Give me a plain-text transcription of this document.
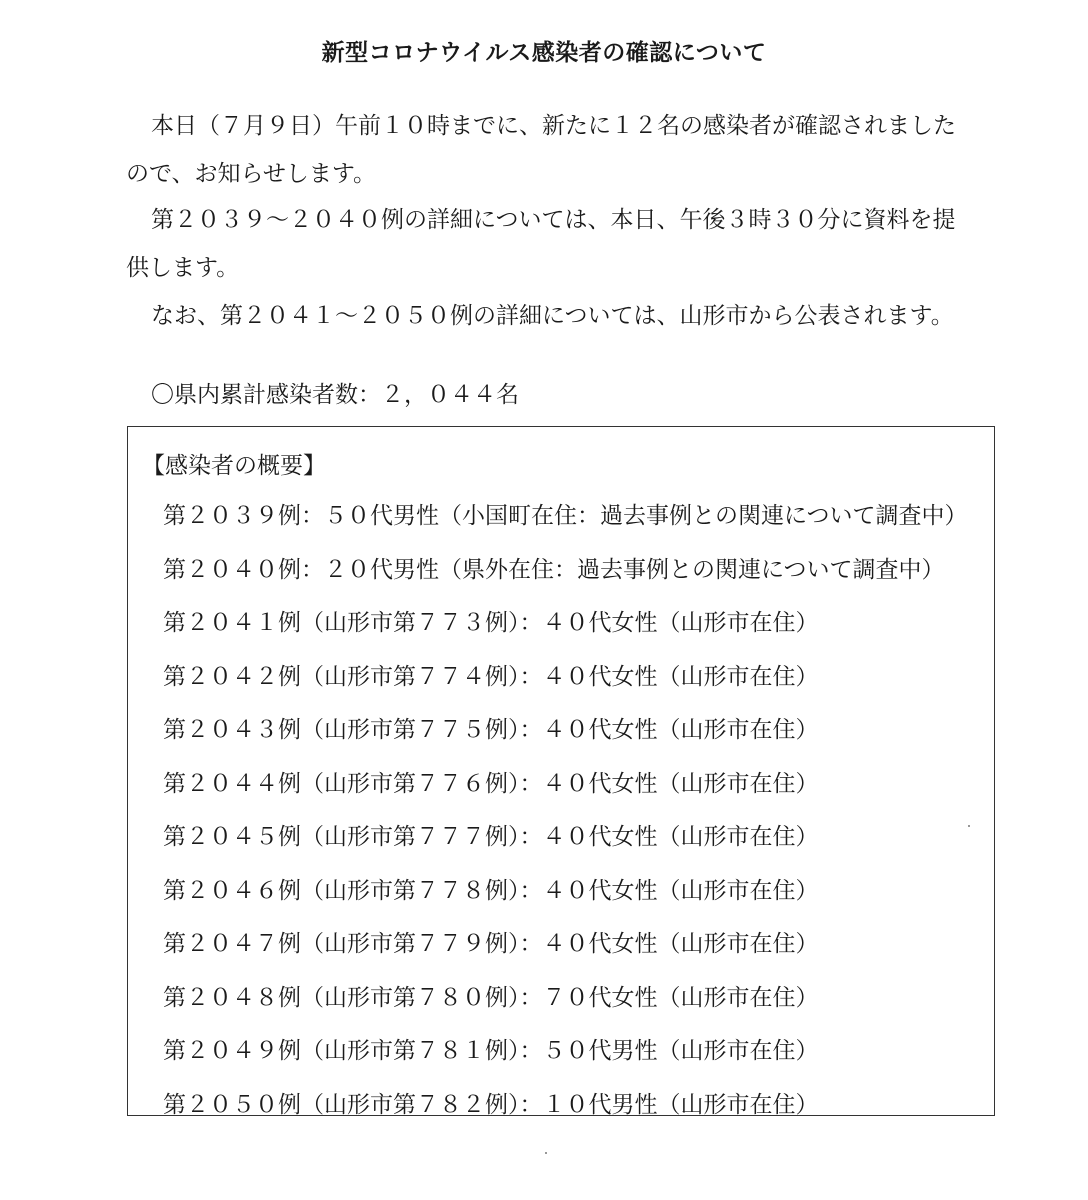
新型コロナウイルス感染者の確認について
本日（７月９日）午前１０時までに、新たに１２名の感染者が確認されました
ので、お知らせします。
第２０３９～２０４０例の詳細については、本日、午後３時３０分に資料を提
供します。
なお、第２０４１～２０５０例の詳細については、山形市から公表されます。
〇県内累計感染者数：２，０４４名
【感染者の概要】
第２０３９例：５０代男性（小国町在住：過去事例との関連について調査中）
第２０４０例：２０代男性（県外在住：過去事例との関連について調査中）
第２０４１例（山形市第７７３例）：４０代女性（山形市在住）
第２０４２例（山形市第７７４例）：４０代女性（山形市在住）
第２０４３例（山形市第７７５例）：４０代女性（山形市在住）
第２０４４例（山形市第７７６例）：４０代女性（山形市在住）
第２０４５例（山形市第７７７例）：４０代女性（山形市在住）
第２０４６例（山形市第７７８例）：４０代女性（山形市在住）
第２０４７例（山形市第７７９例）：４０代女性（山形市在住）
第２０４８例（山形市第７８０例）：７０代女性（山形市在住）
第２０４９例（山形市第７８１例）：５０代男性（山形市在住）
第２０５０例（山形市第７８２例）：１０代男性（山形市在住）
